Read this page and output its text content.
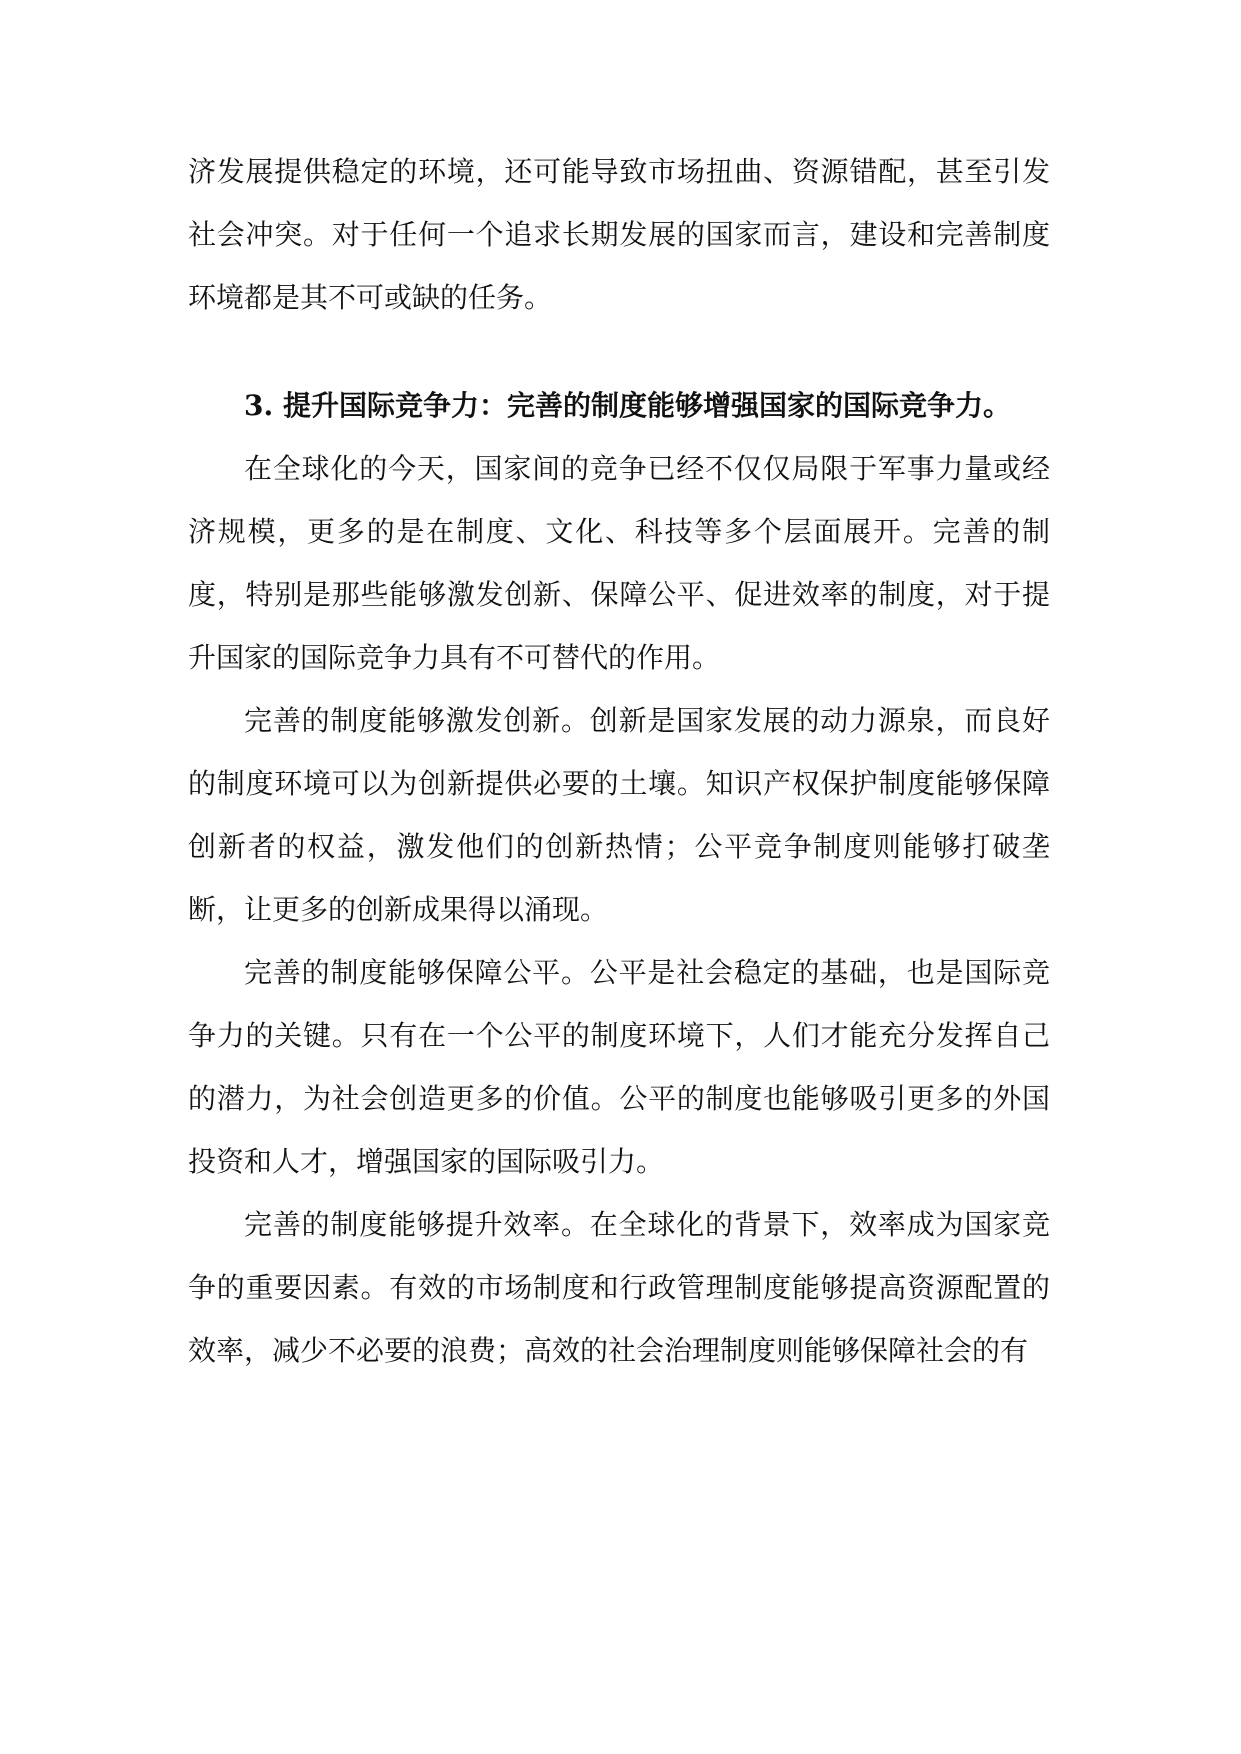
济发展提供稳定的环境，还可能导致市场扭曲、资源错配，甚至引发社会冲突。对于任何一个追求长期发展的国家而言，建设和完善制度环境都是其不可或缺的任务。

3. 提升国际竞争力：完善的制度能够增强国家的国际竞争力。

在全球化的今天，国家间的竞争已经不仅仅局限于军事力量或经济规模，更多的是在制度、文化、科技等多个层面展开。完善的制度，特别是那些能够激发创新、保障公平、促进效率的制度，对于提升国家的国际竞争力具有不可替代的作用。

完善的制度能够激发创新。创新是国家发展的动力源泉，而良好的制度环境可以为创新提供必要的土壤。知识产权保护制度能够保障创新者的权益，激发他们的创新热情；公平竞争制度则能够打破垄断，让更多的创新成果得以涌现。

完善的制度能够保障公平。公平是社会稳定的基础，也是国际竞争力的关键。只有在一个公平的制度环境下，人们才能充分发挥自己的潜力，为社会创造更多的价值。公平的制度也能够吸引更多的外国投资和人才，增强国家的国际吸引力。

完善的制度能够提升效率。在全球化的背景下，效率成为国家竞争的重要因素。有效的市场制度和行政管理制度能够提高资源配置的效率，减少不必要的浪费；高效的社会治理制度则能够保障社会的有
